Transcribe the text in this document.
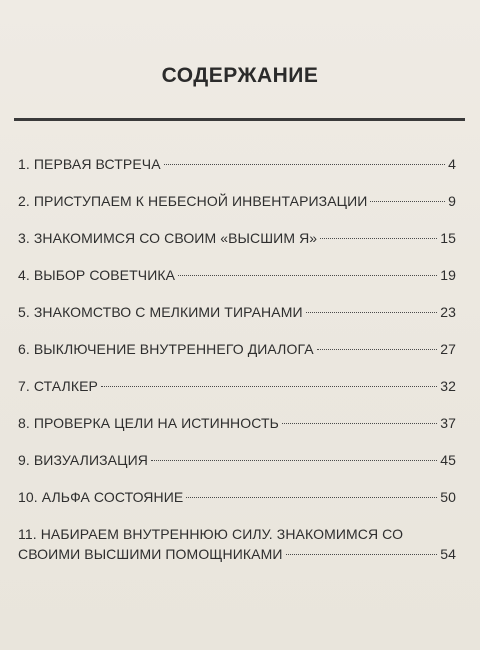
СОДЕРЖАНИЕ
1. ПЕРВАЯ ВСТРЕЧА	4
2. ПРИСТУПАЕМ К НЕБЕСНОЙ ИНВЕНТАРИЗАЦИИ	9
3. ЗНАКОМИМСЯ СО СВОИМ «ВЫСШИМ Я»	15
4. ВЫБОР СОВЕТЧИКА	19
5. ЗНАКОМСТВО С МЕЛКИМИ ТИРАНАМИ	23
6. ВЫКЛЮЧЕНИЕ ВНУТРЕННЕГО ДИАЛОГА	27
7. СТАЛКЕР	32
8. ПРОВЕРКА ЦЕЛИ НА ИСТИННОСТЬ	37
9. ВИЗУАЛИЗАЦИЯ	45
10. АЛЬФА СОСТОЯНИЕ	50
11. НАБИРАЕМ ВНУТРЕННЮЮ СИЛУ. ЗНАКОМИМСЯ СО
СВОИМИ ВЫСШИМИ ПОМОЩНИКАМИ	54
